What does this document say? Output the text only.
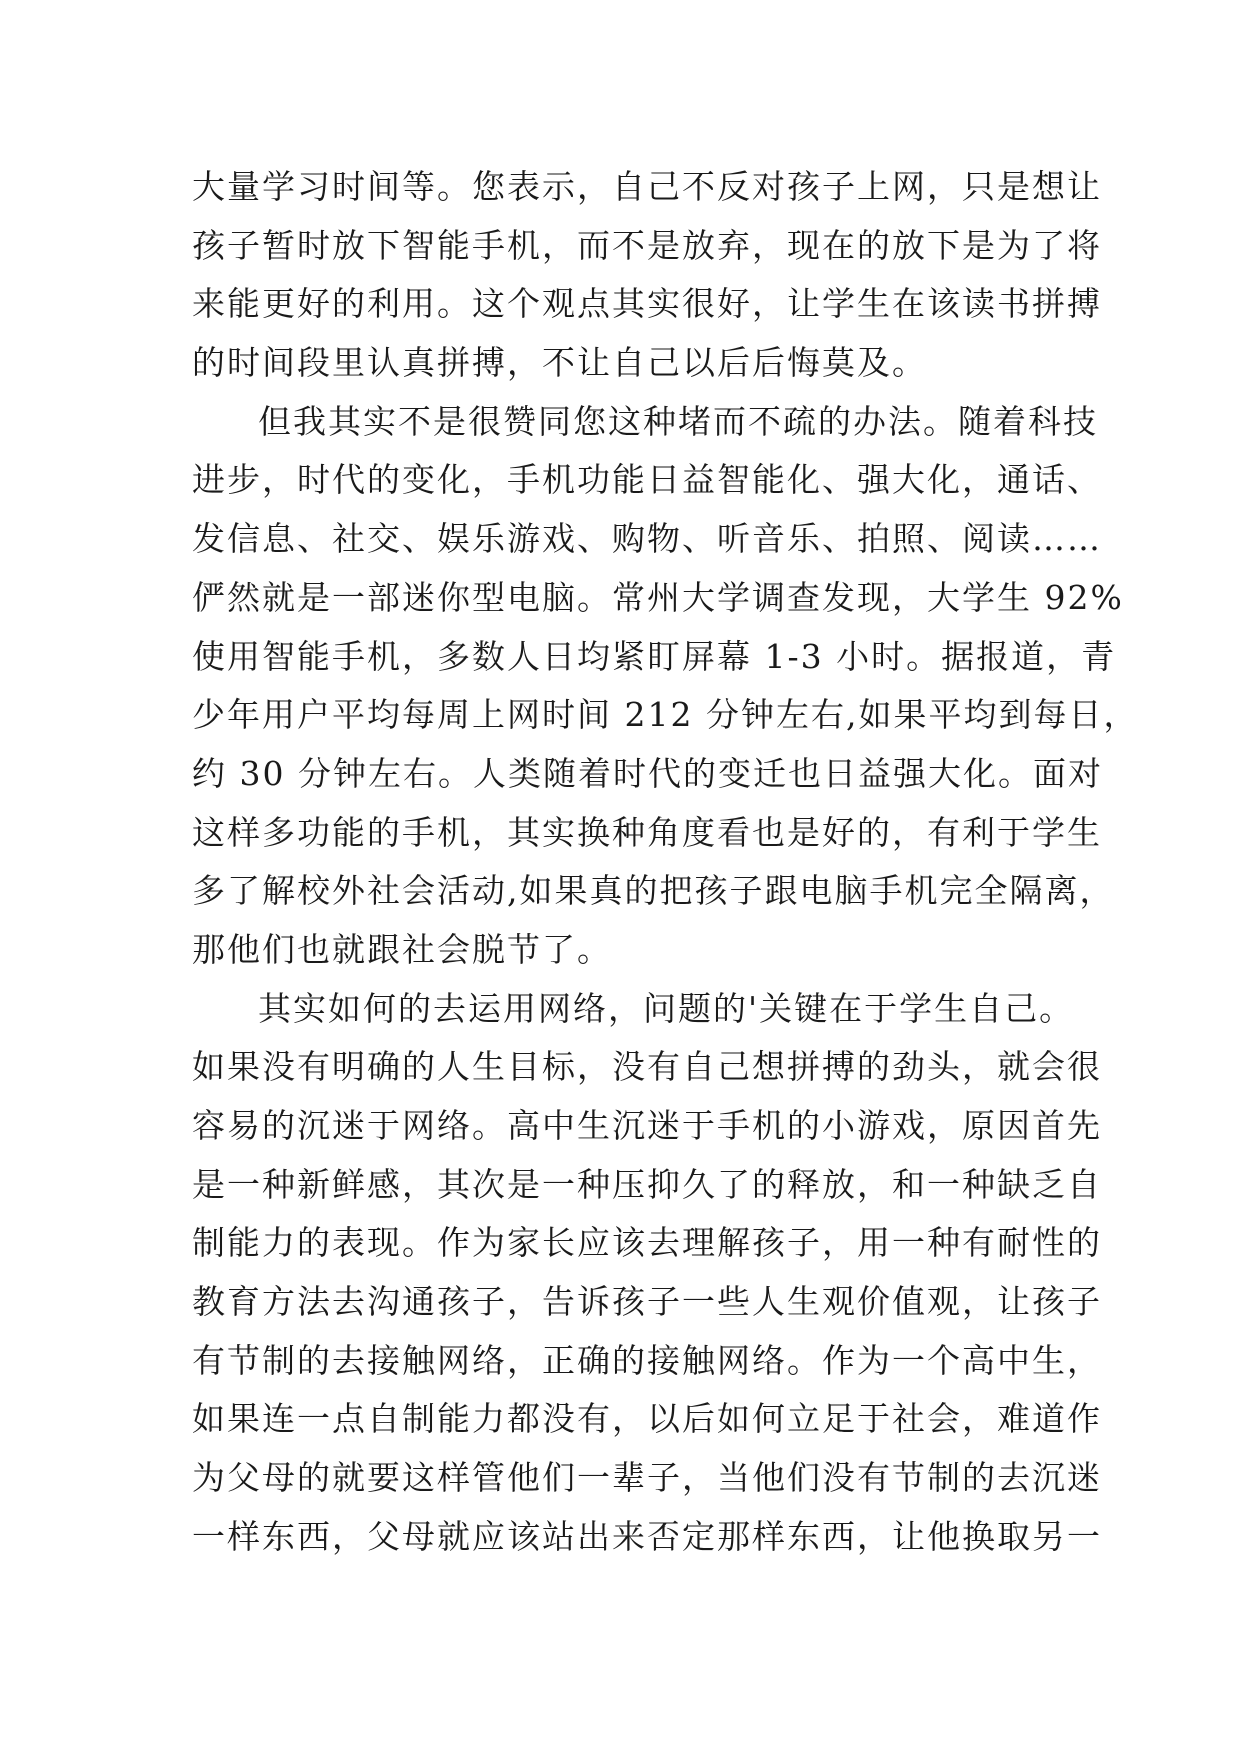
大量学习时间等。您表示，自己不反对孩子上网，只是想让
孩子暂时放下智能手机，而不是放弃，现在的放下是为了将
来能更好的利用。这个观点其实很好，让学生在该读书拼搏
的时间段里认真拼搏，不让自己以后后悔莫及。
但我其实不是很赞同您这种堵而不疏的办法。随着科技
进步，时代的变化，手机功能日益智能化、强大化，通话、
发信息、社交、娱乐游戏、购物、听音乐、拍照、阅读……
俨然就是一部迷你型电脑。常州大学调查发现，大学生 92%
使用智能手机，多数人日均紧盯屏幕 1-3 小时。据报道，青
少年用户平均每周上网时间 212 分钟左右,如果平均到每日，
约 30 分钟左右。人类随着时代的变迁也日益强大化。面对
这样多功能的手机，其实换种角度看也是好的，有利于学生
多了解校外社会活动,如果真的把孩子跟电脑手机完全隔离，
那他们也就跟社会脱节了。
其实如何的去运用网络，问题的'关键在于学生自己。
如果没有明确的人生目标，没有自己想拼搏的劲头，就会很
容易的沉迷于网络。高中生沉迷于手机的小游戏，原因首先
是一种新鲜感，其次是一种压抑久了的释放，和一种缺乏自
制能力的表现。作为家长应该去理解孩子，用一种有耐性的
教育方法去沟通孩子，告诉孩子一些人生观价值观，让孩子
有节制的去接触网络，正确的接触网络。作为一个高中生，
如果连一点自制能力都没有，以后如何立足于社会，难道作
为父母的就要这样管他们一辈子，当他们没有节制的去沉迷
一样东西，父母就应该站出来否定那样东西，让他换取另一
